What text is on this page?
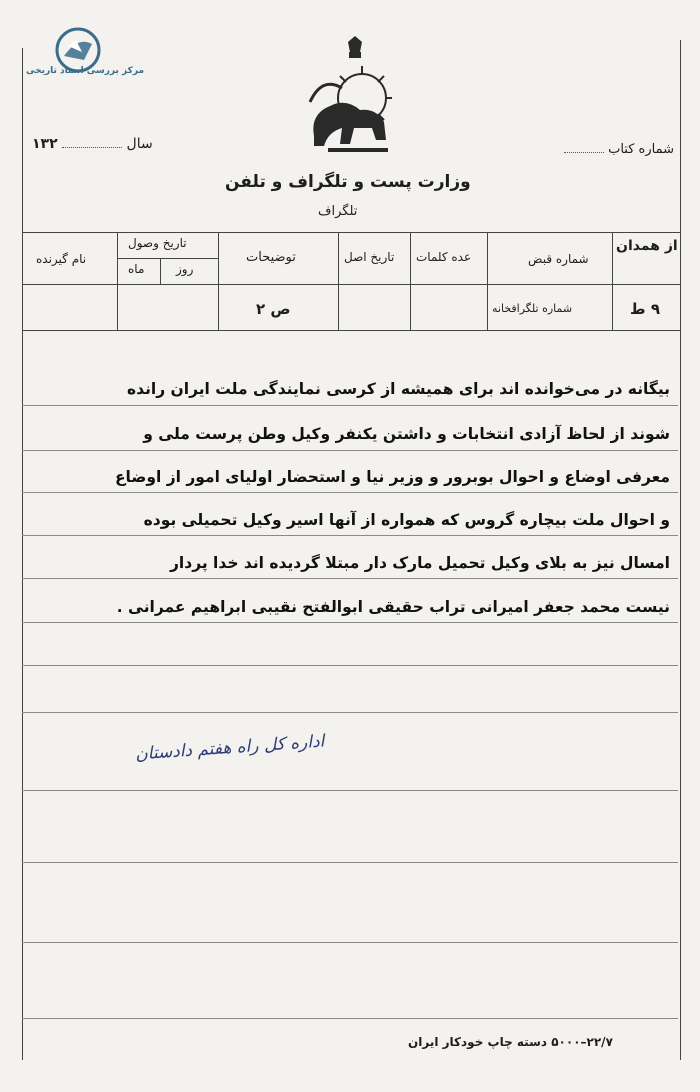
مرکز بررسی اسناد تاریخی
شماره کتاب
سال  ۱۳۲
وزارت پست و تلگراف و تلفن
تلگراف
نام گیرنده
تاریخ وصول
ماه	روز
توضیحات
ص ۲
تاریخ اصل عده کلمات	شماره قبض
شماره تلگرافخانه
از همدان
۹ ط
بیگانه در می‌خوانده اند برای همیشه از کرسی نمایندگی ملت ایران رانده
شوند از لحاظ آزادی انتخابات و داشتن یکنفر وکیل وطن پرست ملی و
معرفی اوضاع و احوال بوبرور و وزیر نیا و استحضار اولیای امور از اوضاع
و احوال ملت بیچاره گروس که همواره از آنها اسیر وکیل تحمیلی بوده
امسال نیز به بلای وکیل تحمیل مارک دار مبتلا گردیده اند خدا پردار
نیست محمد جعفر امیرانی تراب حقیقی ابوالفتح نقیبی ابراهیم عمرانی .
اداره کل راه هفتم دادستان
۲۲/۷–۵۰۰۰ دسته چاپ خودکار ایران
